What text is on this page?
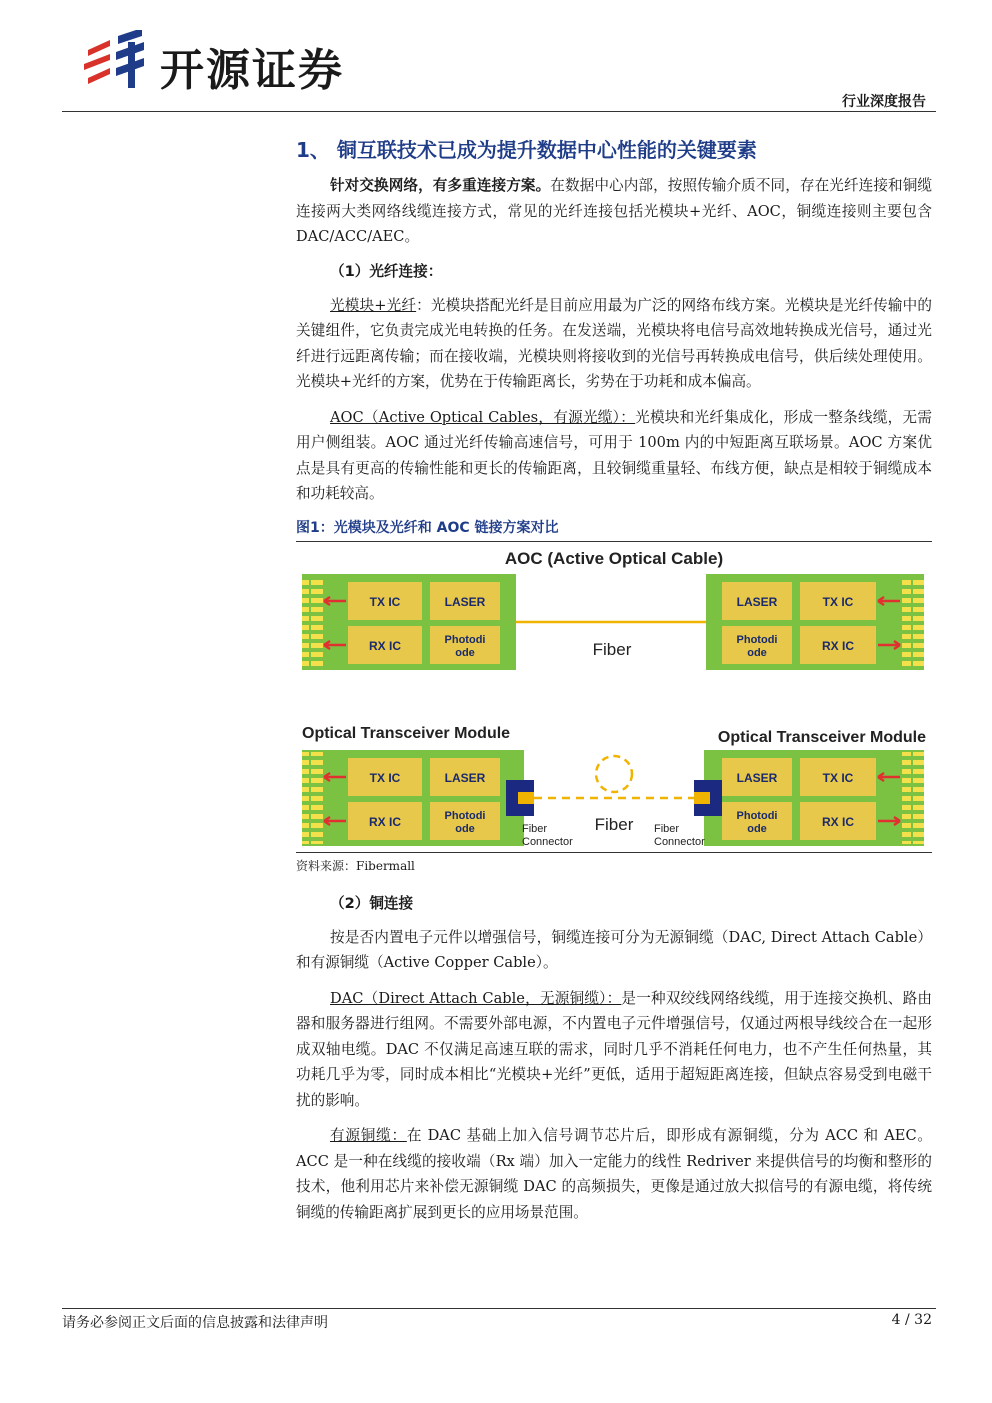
开源证券
行业深度报告
1、 铜互联技术已成为提升数据中心性能的关键要素

针对交换网络，有多重连接方案。在数据中心内部，按照传输介质不同，存在光纤连接和铜缆连接两大类网络线缆连接方式，常见的光纤连接包括光模块+光纤、AOC，铜缆连接则主要包含 DAC/ACC/AEC。

（1）光纤连接：

光模块+光纤：光模块搭配光纤是目前应用最为广泛的网络布线方案。光模块是光纤传输中的关键组件，它负责完成光电转换的任务。在发送端，光模块将电信号高效地转换成光信号，通过光纤进行远距离传输；而在接收端，光模块则将接收到的光信号再转换成电信号，供后续处理使用。光模块+光纤的方案，优势在于传输距离长，劣势在于功耗和成本偏高。

AOC（Active Optical Cables，有源光缆）：光模块和光纤集成化，形成一整条线缆，无需用户侧组装。AOC 通过光纤传输高速信号，可用于 100m 内的中短距离互联场景。AOC 方案优点是具有更高的传输性能和更长的传输距离，且较铜缆重量轻、布线方便，缺点是相较于铜缆成本和功耗较高。

图1：光模块及光纤和 AOC 链接方案对比
AOC (Active Optical Cable)
TX IC
RX IC
LASER
Photodi
ode	Fiber
LASER
Photodi
ode
TX IC
RX IC
Optical Transceiver Module	Optical Transceiver Module
TX IC
RX IC
LASER
Photodi
ode	Fiber
Connector
Fiber
LASER
Photodi
ode
TX IC
RX IC
Fiber
Connector
资料来源：Fibermall
（2）铜连接

按是否内置电子元件以增强信号，铜缆连接可分为无源铜缆（DAC, Direct Attach Cable）和有源铜缆（Active Copper Cable）。

DAC（Direct Attach Cable，无源铜缆）：是一种双绞线网络线缆，用于连接交换机、路由器和服务器进行组网。不需要外部电源，不内置电子元件增强信号，仅通过两根导线绞合在一起形成双轴电缆。DAC 不仅满足高速互联的需求，同时几乎不消耗任何电力，也不产生任何热量，其功耗几乎为零，同时成本相比“光模块+光纤”更低，适用于超短距离连接，但缺点容易受到电磁干扰的影响。

有源铜缆：在 DAC 基础上加入信号调节芯片后，即形成有源铜缆，分为 ACC 和 AEC。ACC 是一种在线缆的接收端（Rx 端）加入一定能力的线性 Redriver 来提供信号的均衡和整形的技术，他利用芯片来补偿无源铜缆 DAC 的高频损失，更像是通过放大拟信号的有源电缆，将传统铜缆的传输距离扩展到更长的应用场景范围。

请务必参阅正文后面的信息披露和法律声明	4 / 32
